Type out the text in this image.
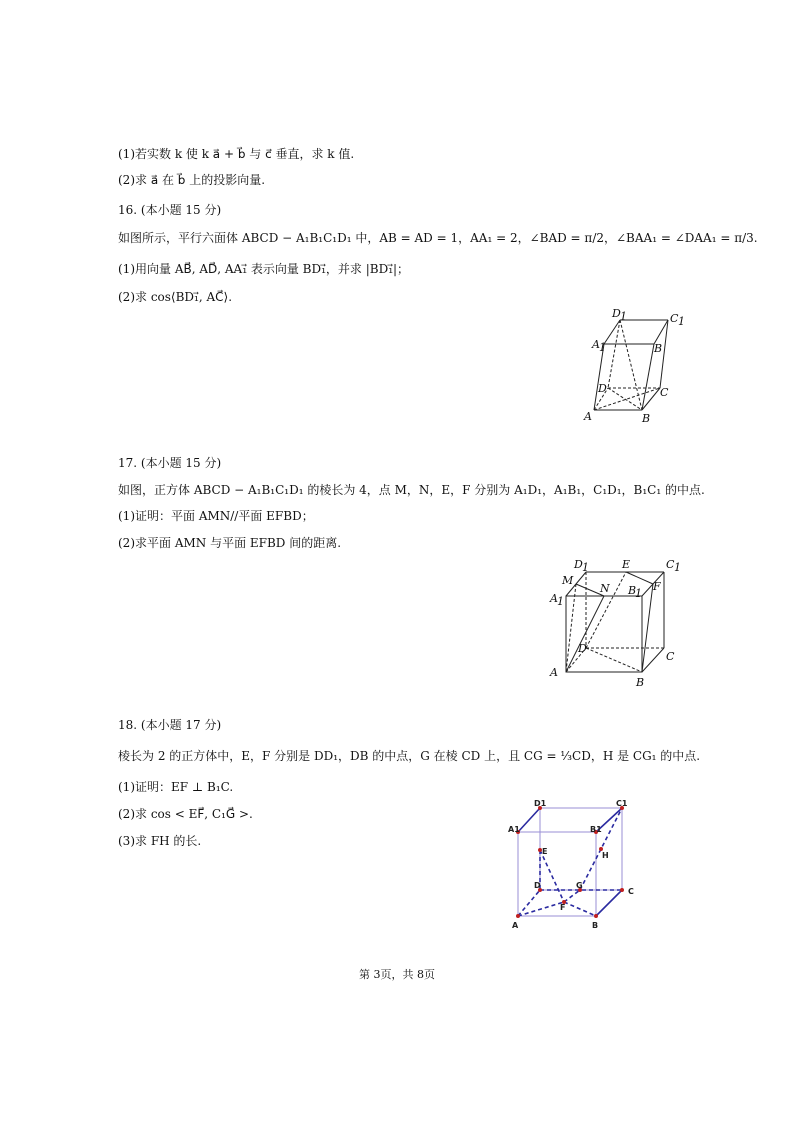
(1)若实数 k 使 k a⃗ + b⃗ 与 c⃗ 垂直，求 k 值.
(2)求 a⃗ 在 b⃗ 上的投影向量.
16. (本小题 15 分)
如图所示，平行六面体 ABCD − A₁B₁C₁D₁ 中，AB = AD = 1，AA₁ = 2，∠BAD = π/2，∠BAA₁ = ∠DAA₁ = π/3.
(1)用向量 AB⃗, AD⃗, AA₁⃗ 表示向量 BD₁⃗，并求 |BD₁⃗|；
(2)求 cos⟨BD₁⃗, AC⃗⟩.
D 1	C 1
A 1	B
D	C
A	B
17. (本小题 15 分)
如图，正方体 ABCD − A₁B₁C₁D₁ 的棱长为 4，点 M，N，E，F 分别为 A₁D₁，A₁B₁，C₁D₁，B₁C₁ 的中点.
(1)证明：平面 AMN//平面 EFBD；
(2)求平面 AMN 与平面 EFBD 间的距离.
D 1	E	C 1
M
N B
1
F
A 1
D
C
A
B
18. (本小题 17 分)
棱长为 2 的正方体中，E，F 分别是 DD₁，DB 的中点，G 在棱 CD 上，且 CG = ⅓CD，H 是 CG₁ 的中点.
(1)证明：EF ⊥ B₁C.
(2)求 cos < EF⃗, C₁G⃗ >.
(3)求 FH 的长.
D1	C1
A1	B1
E	H
D	G
C
F
A	B
第 3页，共 8页
